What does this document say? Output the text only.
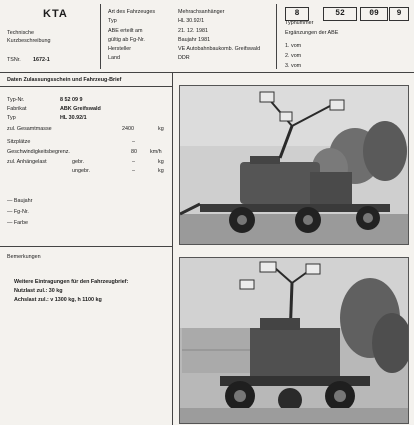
KTA
Technische
Kurzbeschreibung
TSNr. 1672-1
Art des Fahrzeuges	Mehrachsanhänger
Typ	HL 30.92/1
ABE erteilt am	21. 12. 1981
gültig ab Fg-Nr.	Baujahr 1981
Hersteller	VE Autobahnbaukomb. Greifswald
Land	DDR
8	52	09	9
Typnummer
Ergänzungen der ABE
1. vom
2. vom
3. vom
Daten Zulassungsschein und Fahrzeug-Brief
Typ-Nr.	8 52 09 9
Fabrikat	ABK Greifswald
Typ	HL 30.92/1
zul. Gesamtmasse	2400	kg
Sitzplätze	–
Geschwindigkeitsbegrenz.	80 km/h
zul. Anhängelast	gebr.	–	kg
ungebr.	–	kg
— Baujahr
— Fg-Nr.
— Farbe
Bemerkungen
Weitere Eintragungen für den Fahrzeugbrief:
Nutzlast zul.: 30 kg
Achslast zul.: v 1300 kg, h 1100 kg
